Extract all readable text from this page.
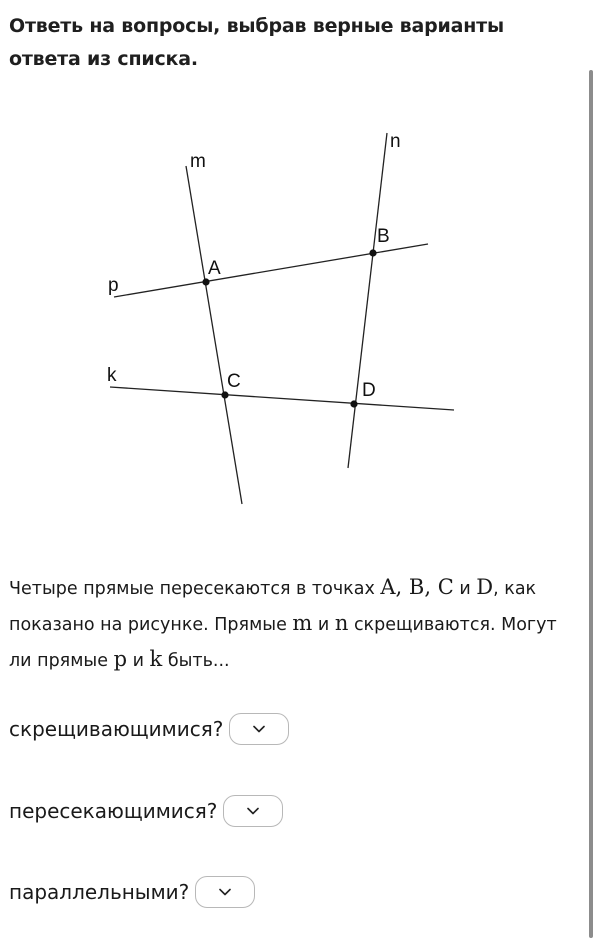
Ответь на вопросы, выбрав верные варианты ответа из списка.
m
n
p
k
A
B
C	D
Четыре прямые пересекаются в точках A, B, C и D, как показано на рисунке. Прямые m и n скрещиваются. Могут ли прямые p и k быть...
скрещивающимися?
пересекающимися?
параллельными?
